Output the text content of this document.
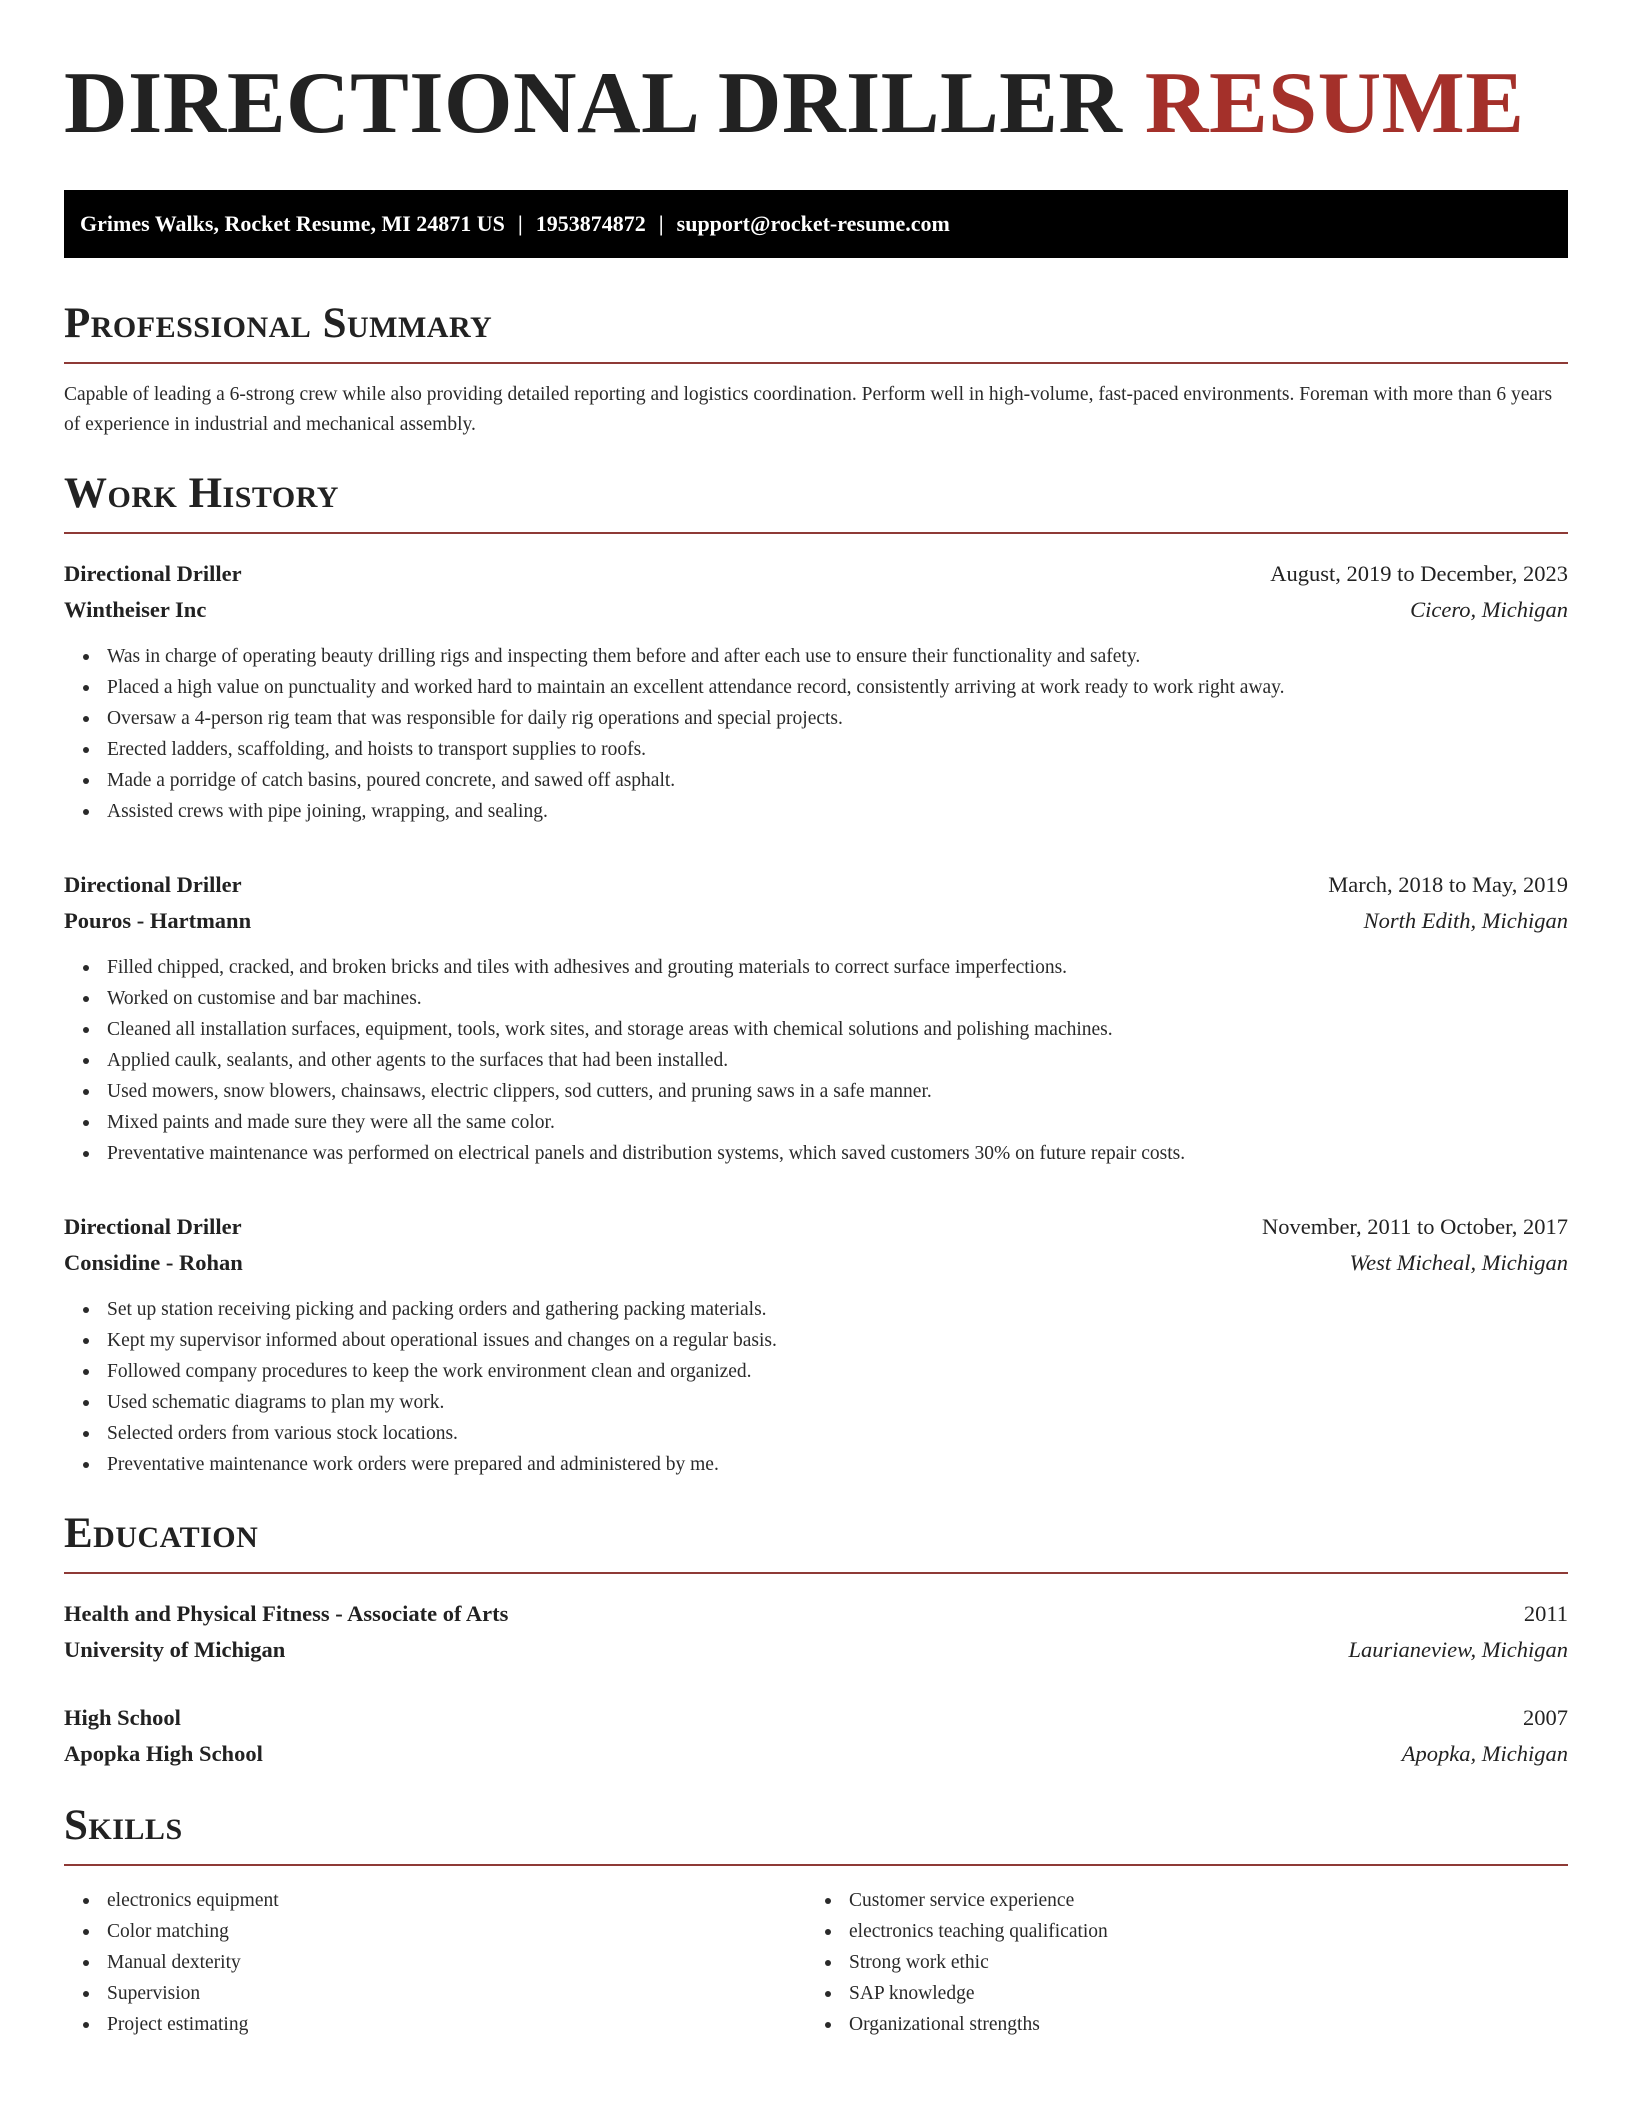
DIRECTIONAL DRILLER RESUME
Grimes Walks, Rocket Resume, MI 24871 US | 1953874872 | support@rocket-resume.com
Professional Summary

Capable of leading a 6-strong crew while also providing detailed reporting and logistics coordination. Perform well in high-volume, fast-paced environments. Foreman with more than 6 years of experience in industrial and mechanical assembly.

Work History
Directional Driller	August, 2019 to December, 2023
Wintheiser Inc	Cicero, Michigan
Was in charge of operating beauty drilling rigs and inspecting them before and after each use to ensure their functionality and safety.
Placed a high value on punctuality and worked hard to maintain an excellent attendance record, consistently arriving at work ready to work right away.
Oversaw a 4-person rig team that was responsible for daily rig operations and special projects.
Erected ladders, scaffolding, and hoists to transport supplies to roofs.
Made a porridge of catch basins, poured concrete, and sawed off asphalt.
Assisted crews with pipe joining, wrapping, and sealing.
Directional Driller	March, 2018 to May, 2019
Pouros - Hartmann	North Edith, Michigan
Filled chipped, cracked, and broken bricks and tiles with adhesives and grouting materials to correct surface imperfections.
Worked on customise and bar machines.
Cleaned all installation surfaces, equipment, tools, work sites, and storage areas with chemical solutions and polishing machines.
Applied caulk, sealants, and other agents to the surfaces that had been installed.
Used mowers, snow blowers, chainsaws, electric clippers, sod cutters, and pruning saws in a safe manner.
Mixed paints and made sure they were all the same color.
Preventative maintenance was performed on electrical panels and distribution systems, which saved customers 30% on future repair costs.
Directional Driller	November, 2011 to October, 2017
Considine - Rohan	West Micheal, Michigan
Set up station receiving picking and packing orders and gathering packing materials.
Kept my supervisor informed about operational issues and changes on a regular basis.
Followed company procedures to keep the work environment clean and organized.
Used schematic diagrams to plan my work.
Selected orders from various stock locations.
Preventative maintenance work orders were prepared and administered by me.
Education
Health and Physical Fitness - Associate of Arts	2011
University of Michigan	Laurianeview, Michigan
High School	2007
Apopka High School	Apopka, Michigan
Skills
electronics equipment
Color matching
Manual dexterity
Supervision
Project estimating
Customer service experience
electronics teaching qualification
Strong work ethic
SAP knowledge
Organizational strengths
